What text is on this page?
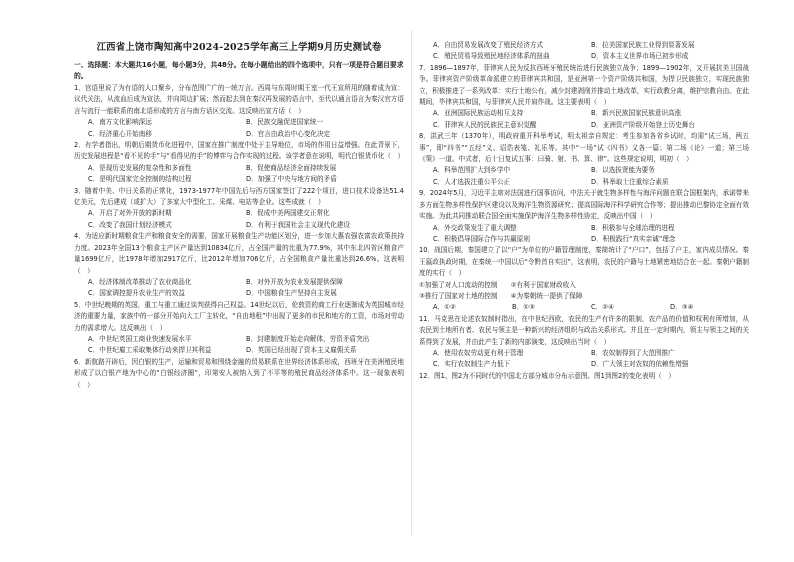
江西省上饶市陶知高中2024-2025学年高三上学期9月历史测试卷
一、选择题：本大题共16小题，每小题3分，共48分。在每小题给出的四个选项中，只有一项是符合题目要求的。
1．宫语里说了为有语的人口聚乡，分布范围广广的一统万言。西周与东周时期王室一代王宣所用的随着成为宣：议代关法，从流血后成为宣法，并向周边扩展；然而起去到在秦汉再发展的语言中，至代以通言语言为秦汉官方语言与流行一能联系的南北语形成的方言与南方话区交流。这反映出宣方话（　）
A．南方文化影响深远	B．民族交融促进国家统一
C．经济重心开始南移	D．官言由政治中心变化决定
2．有学者指出，明朝后期货币化进程中，国家在推广制度中处于主导地位，市场的作用日益增强。在此背景下，历史发展进程是“看不见的手”与“看得见的手”的博弈与合作实现的过程。该学者意在说明，明代白银货币化（　）
A．是现历史发展的复杂性和多面性	B．促使商品经济全面持续发展
C．是明代国家完全控制的结构过程	D．加强了中央与地方间的矛盾
3．随着中美、中日关系的正常化，1973-1977年中国先后与西方国家签订了222个项目，进口技术设备达51.4亿美元，先后建成（或扩大）了多家大中型化工、采煤、电站等企业。这些成就（　）
A．开启了对外开放的新时期	B．促成中美两国建交正常化
C．改变了我国计划经济模式	D．有利于我国社会主义现代化建设
4．为适应新时期粮食生产和粮食安全的需要，国家开展粮食生产功能区划分，进一步加大惠农强农富农政策扶持力度。2023年全国13个粮食主产区产量达到10834亿斤，占全国产量的比重为77.9%，其中东北四省区粮食产量1699亿斤，比1978年增加2917亿斤，比2012年增加706亿斤，占全国粮食产量比重达到26.6%。这表明（　）
A．经济体制改革推动了农业商品化	B．对外开放为农业发展提供保障
C．国家调控提升农业生产的效益	D．中国粮食生产坚持自主发展
5．中世纪晚期的英国，重工与重工通过谈判获得自己权益。14世纪以后，伦敦资的商工行业逐渐成为英国城市经济的重要力量，家族中的一部分开始向大工厂主转化，“自由地租”中出现了更多的市民和地方的工资，市场对劳动力的需求增大。这反映出（　）
A．中世纪英国工商业快速发展水平	B．封建制度开始走向解体，劳资矛盾突出
C．中世纪雇工采取集体行动来捍卫其利益	D．英国已经出现了资本主义雇佣关系
6．新航路开辟后，因白银的生产，运输和贸易和围绕金融的贸易联系在世界经济体系形成，西班牙在美洲殖民地形成了以白银产地为中心的“白银经济圈”，印第安人被纳入到了不平等的殖民商品经济体系中。这一现象表明（　）
A．自由贸易发展改变了殖民经济方式	B．拉美国家民族工业得到显著发展
C．殖民贸易导致殖民地经济体系的扭曲	D．资本主义世界市场已初步形成
7．1896—1897年，菲律宾人民为反抗西班牙殖民统治进行民族独立战争；1899—1902年，又开展抗美卫国战争。菲律宾资产阶级革命派建立的菲律宾共和国，是亚洲第一个资产阶级共和国，为捍卫民族独立，实现民族独立，积极推进了一系列改革：实行土地公有，减少封建剥削并推动土地改革，实行政教分离，维护宗教自由。在此期间，毕律宾共和国，与菲律宾人民并肩作战。这主要表明（　）
A．亚洲国际民族运动相互支持	B．新兴民族国家民族意识高涨
C．菲律宾人民的民族民主意识觉醒	D．亚洲资产阶级开始登上历史舞台
8．洪武三年（1370年），明政府重开科举考试，明太祖亲自规定：考生参加各省乡试时，均需“试三场，两五事”，即“四书”“五经”义、诏诰表笺、礼乐等。其中“一场”试《四书》义各一篇；第二场《论》一道；第三场《策》一道。中式者，后十日复试五事：曰骑、射、书、算、律”。这些规定说明，明初（　）
A．科举范围扩大到乡学中	B．以选拔贤能为要务
C．人才选拔注重公平公正	D．科举取士注重综合素质
9．2024年5月，习近平主席对法国进行国事访问，中法关于就生物多样性与海洋问题在联合国框架内，承诺带来多方面生物多样性保护区建设以及海洋生物资源研究；提高国际海洋科学研究合作等；提出推动巴黎协定全面有效实施。为此共同推动联合国全面实施保护海洋生物多样性协定，反映出中国（　）
A．外交政策发生了重大调整	B．积极参与全球治理的进程
C．积极倡导国际合作与共赢原则	D．积极践行“真实亲诚”理念
10．战国后期，秦国建立了以“户”为单位的户籍管理制度，秦简统计了“户口”，包括了户主，家内成员情况。秦王嬴政执政时期，在秦统一中国以后“令黔首自实田”，这表明，农民的户籍与土地紧密地结合在一起。秦朝户籍制度的实行（　）
①加强了对人口流动的控制　　②有利于国家财政收入
③推行了国家对土地的控制　　④为秦朝统一提供了保障
A．①②	B．①③	C．②④	D．③④
11．马克思在论述农奴制时指出，在中世纪西欧，农民的生产有许多的限制，农产品的价值和权利有所增加，从农民到土地所有者、农民与领主是一种新兴的经济组织与政治关系形式。并且在一定时期内，领主与领主之间的关系得到了发展，并由此产生了新的内部演变，这反映出当时（　）
A．使用农奴劳动更有利于管理	B．农奴制得到了大范围推广
C．实行农奴制生产力低下	D．广大领主对农奴的依赖性增强
12．图1、图2为不同时代的中国北方部分城市分布示意图。图1到图2的变化表明（　）
